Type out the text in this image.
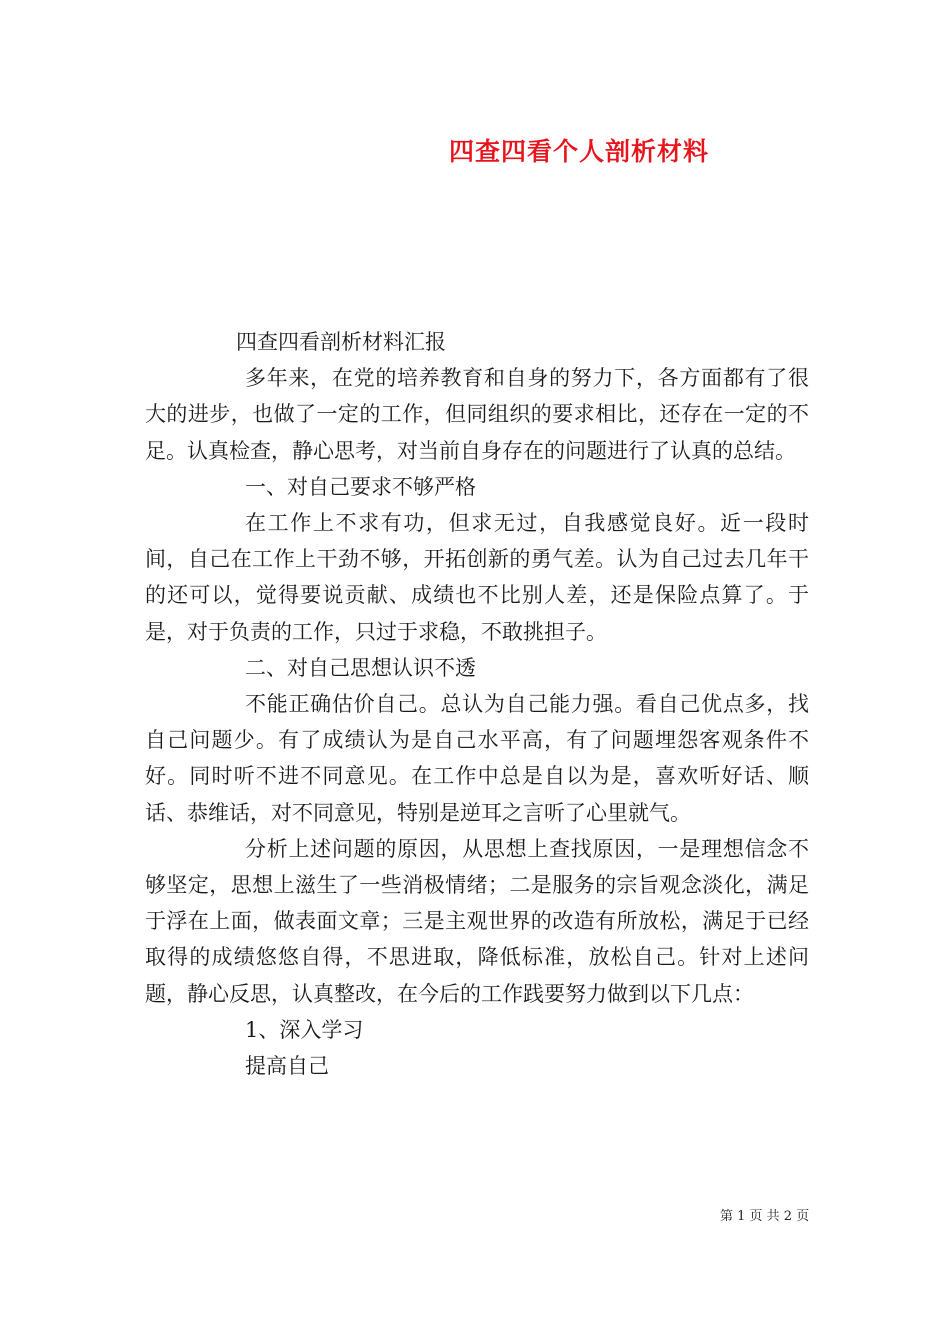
四查四看个人剖析材料

四查四看剖析材料汇报

多年来，在党的培养教育和自身的努力下，各方面都有了很大的进步，也做了一定的工作，但同组织的要求相比，还存在一定的不足。认真检查，静心思考，对当前自身存在的问题进行了认真的总结。

一、对自己要求不够严格

在工作上不求有功，但求无过，自我感觉良好。近一段时间，自己在工作上干劲不够，开拓创新的勇气差。认为自己过去几年干的还可以，觉得要说贡献、成绩也不比别人差，还是保险点算了。于是，对于负责的工作，只过于求稳，不敢挑担子。

二、对自己思想认识不透

不能正确估价自己。总认为自己能力强。看自己优点多，找自己问题少。有了成绩认为是自己水平高，有了问题埋怨客观条件不好。同时听不进不同意见。在工作中总是自以为是，喜欢听好话、顺话、恭维话，对不同意见，特别是逆耳之言听了心里就气。

分析上述问题的原因，从思想上查找原因，一是理想信念不够坚定，思想上滋生了一些消极情绪；二是服务的宗旨观念淡化，满足于浮在上面，做表面文章；三是主观世界的改造有所放松，满足于已经取得的成绩悠悠自得，不思进取，降低标准，放松自己。针对上述问题，静心反思，认真整改，在今后的工作践要努力做到以下几点：

1、深入学习

提高自己

第 1 页 共 2 页
